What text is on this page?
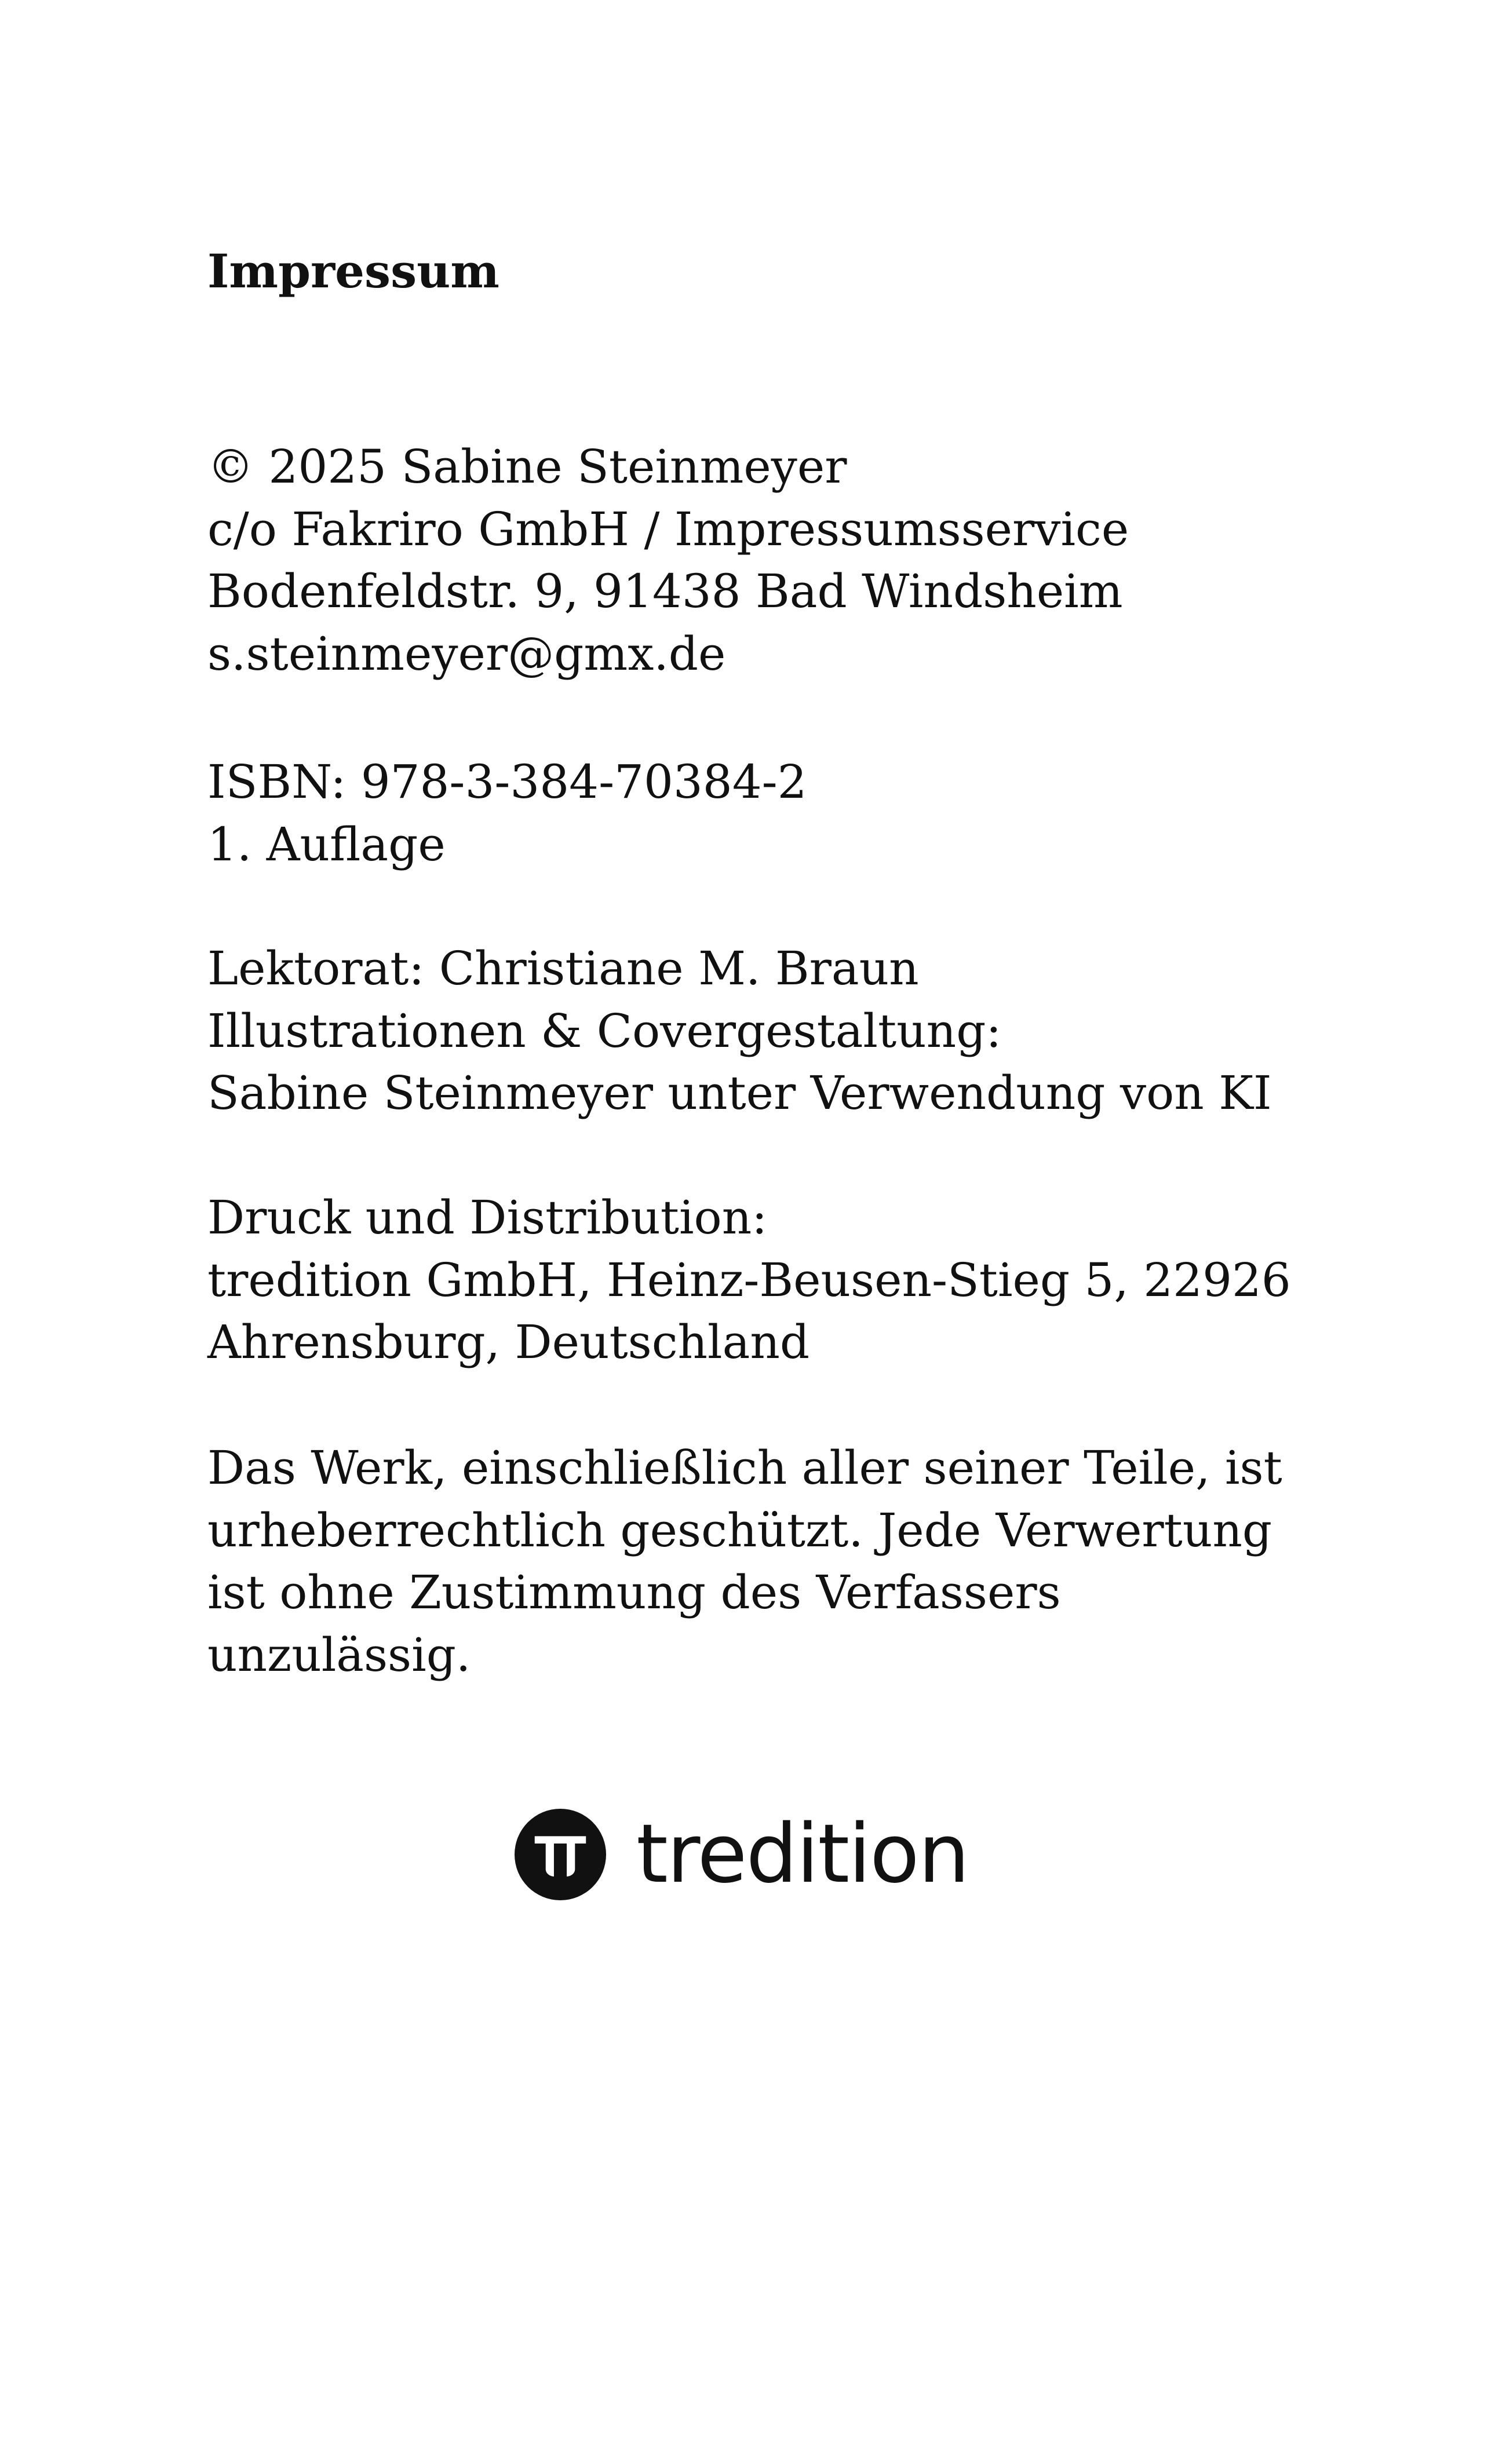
Impressum

© 2025 Sabine Steinmeyer
c/o Fakriro GmbH / Impressumsservice
Bodenfeldstr. 9, 91438 Bad Windsheim
s.steinmeyer@gmx.de

ISBN: 978-3-384-70384-2
1. Auflage

Lektorat: Christiane M. Braun
Illustrationen & Covergestaltung:
Sabine Steinmeyer unter Verwendung von KI

Druck und Distribution:
tredition GmbH, Heinz-Beusen-Stieg 5, 22926
Ahrensburg, Deutschland

Das Werk, einschließlich aller seiner Teile, ist
urheberrechtlich geschützt. Jede Verwertung
ist ohne Zustimmung des Verfassers
unzulässig.

tredition
